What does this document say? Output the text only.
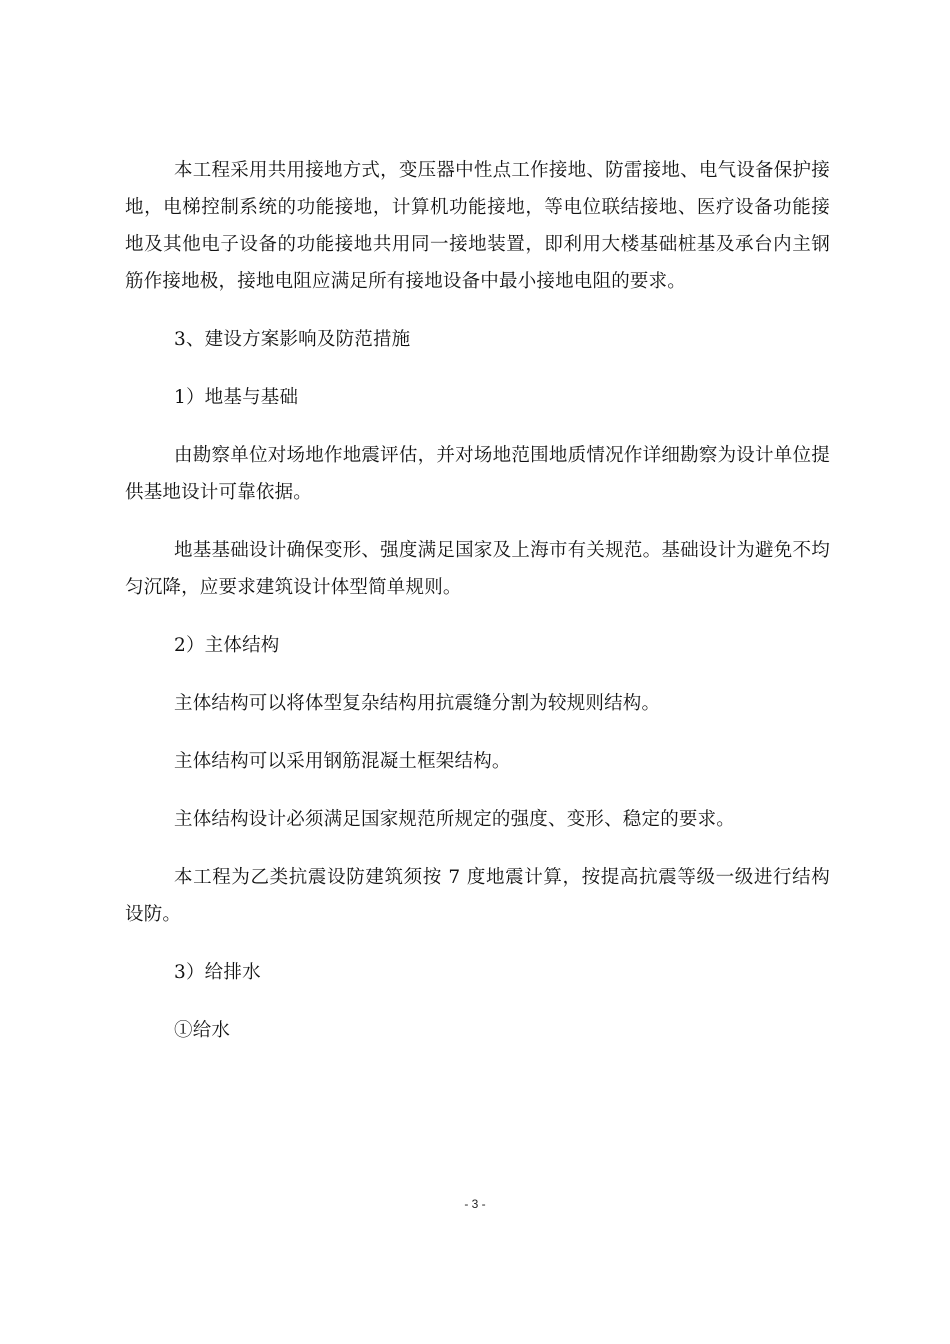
本工程采用共用接地方式，变压器中性点工作接地、防雷接地、电气设备保护接地，电梯控制系统的功能接地，计算机功能接地，等电位联结接地、医疗设备功能接地及其他电子设备的功能接地共用同一接地装置，即利用大楼基础桩基及承台内主钢筋作接地极，接地电阻应满足所有接地设备中最小接地电阻的要求。

3、建设方案影响及防范措施

1）地基与基础

由勘察单位对场地作地震评估，并对场地范围地质情况作详细勘察为设计单位提供基地设计可靠依据。

地基基础设计确保变形、强度满足国家及上海市有关规范。基础设计为避免不均匀沉降，应要求建筑设计体型简单规则。

2）主体结构

主体结构可以将体型复杂结构用抗震缝分割为较规则结构。

主体结构可以采用钢筋混凝土框架结构。

主体结构设计必须满足国家规范所规定的强度、变形、稳定的要求。

本工程为乙类抗震设防建筑须按 7 度地震计算，按提高抗震等级一级进行结构设防。

3）给排水

①给水

- 3 -
